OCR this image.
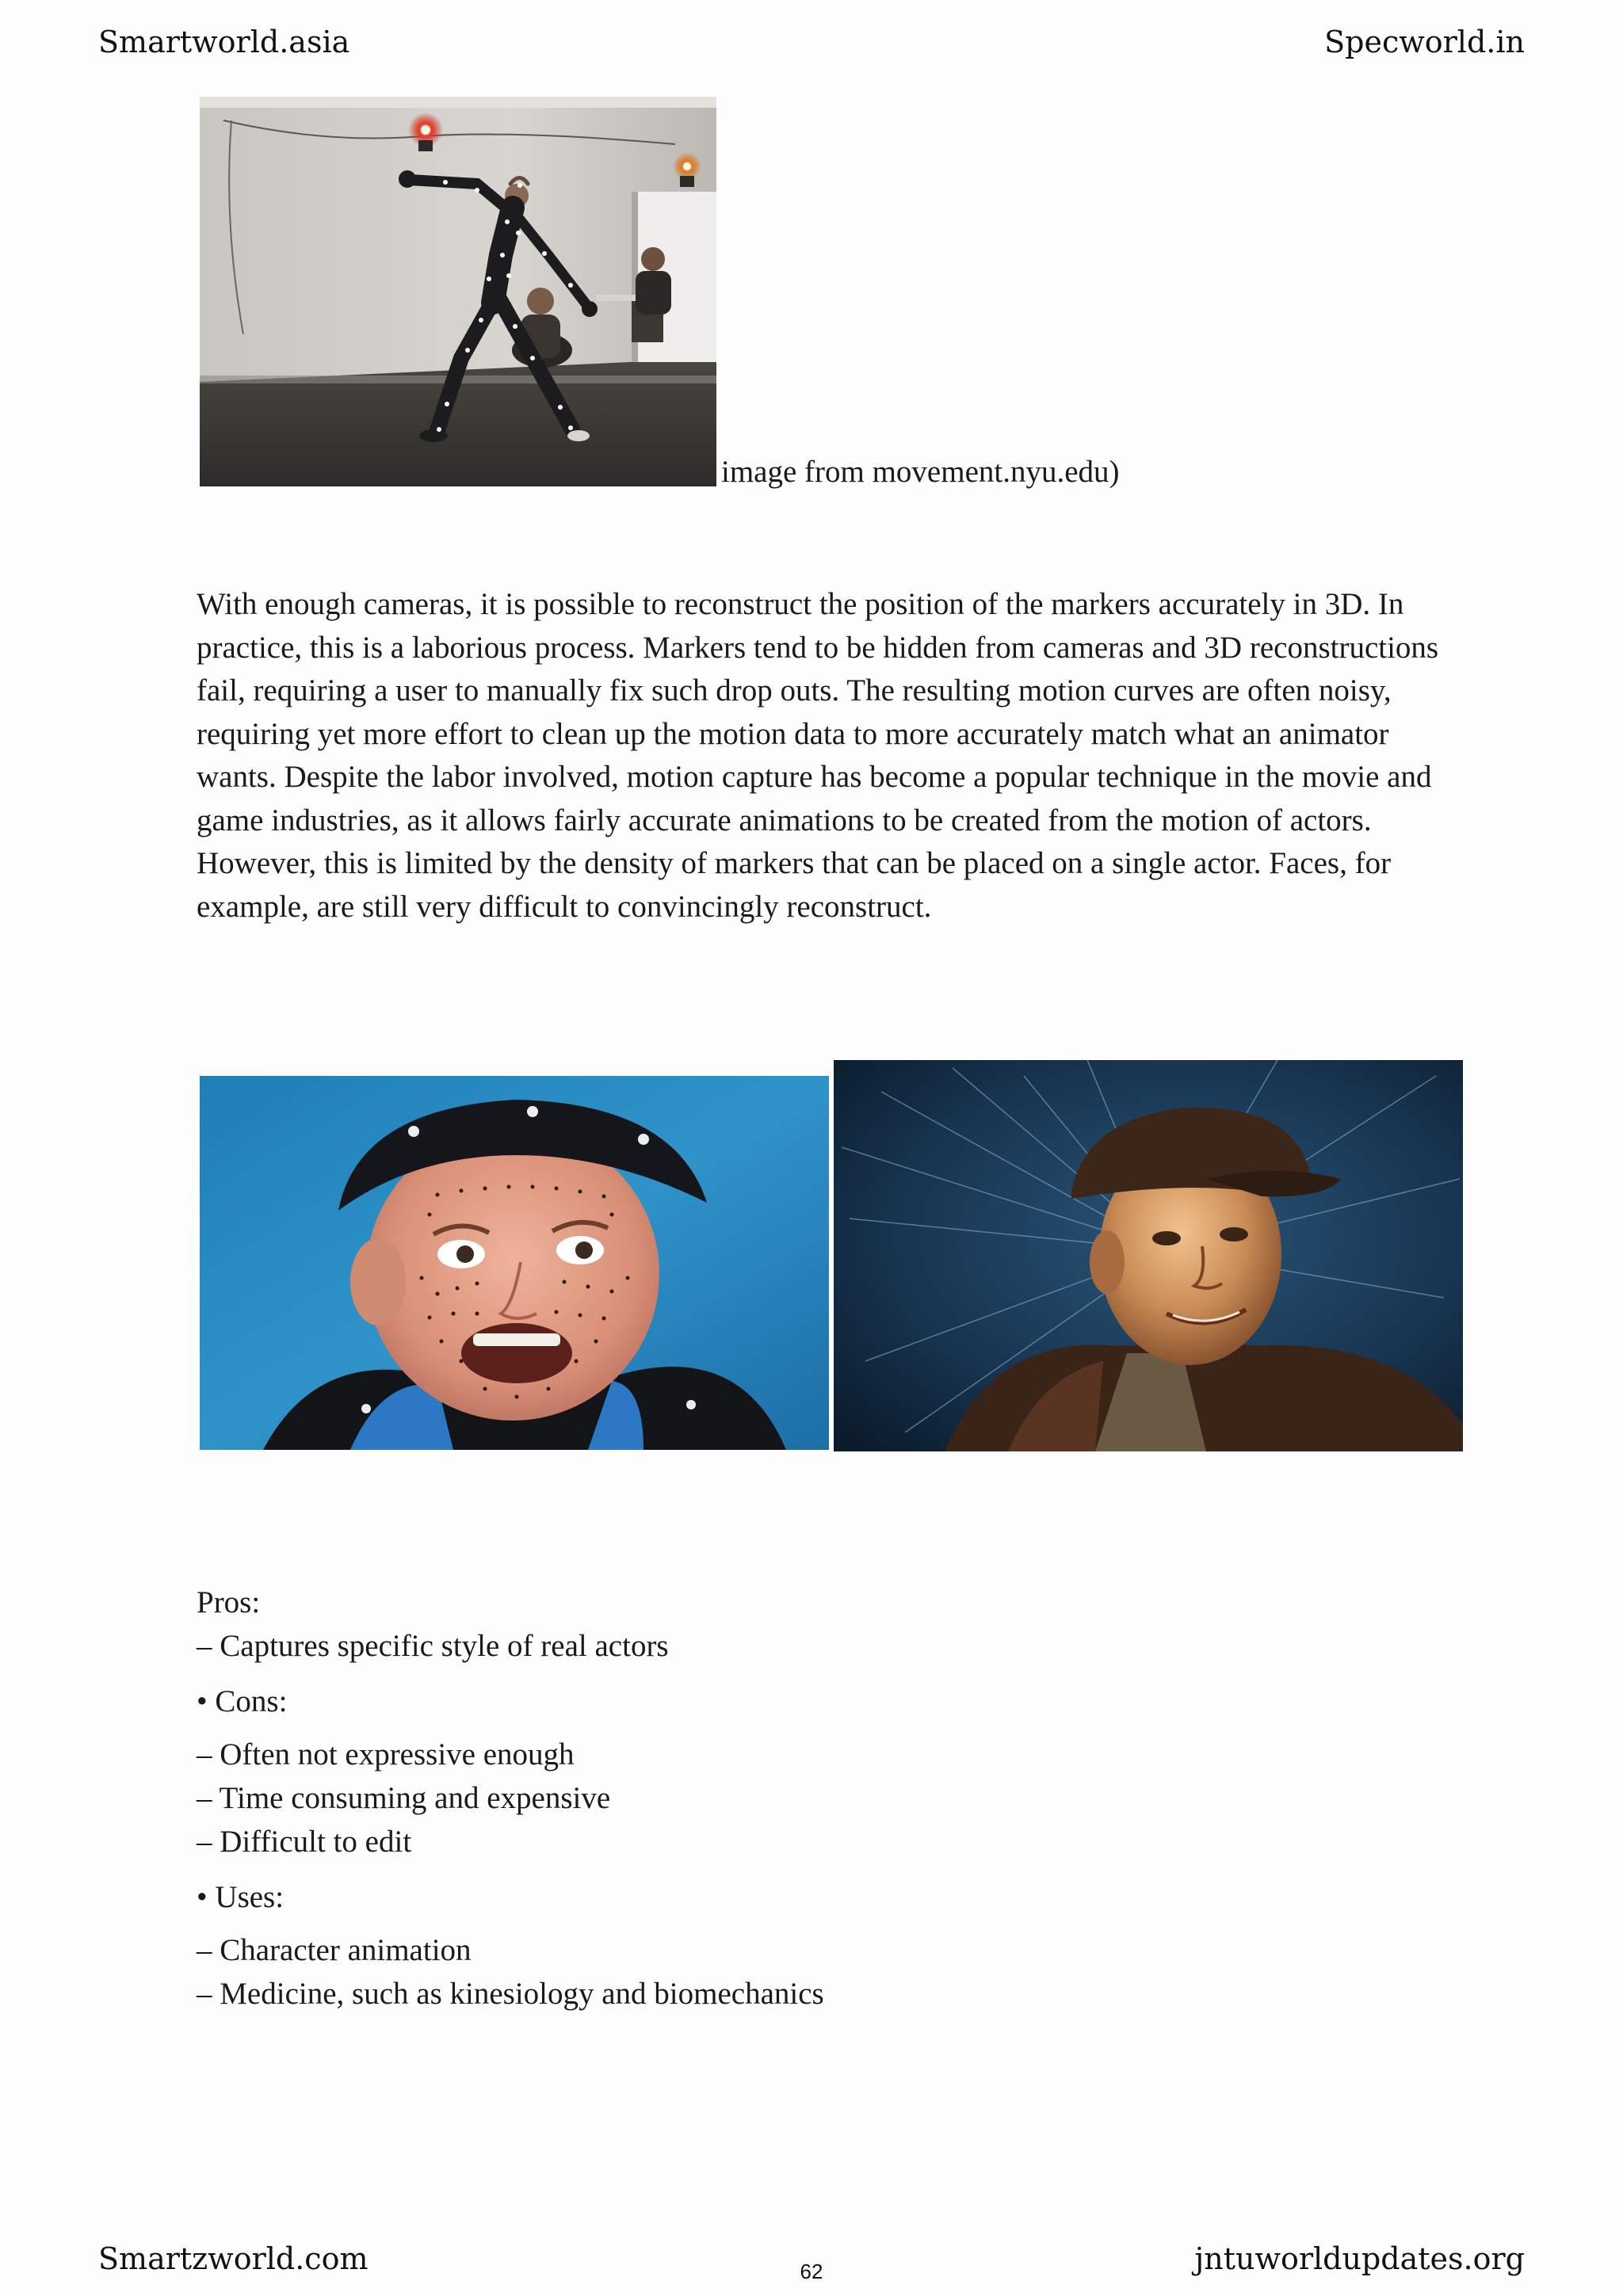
Smartworld.asia	Specworld.in
image from movement.nyu.edu)

With enough cameras, it is possible to reconstruct the position of the markers accurately in 3D. In practice, this is a laborious process. Markers tend to be hidden from cameras and 3D reconstructions fail, requiring a user to manually fix such drop outs. The resulting motion curves are often noisy, requiring yet more effort to clean up the motion data to more accurately match what an animator wants. Despite the labor involved, motion capture has become a popular technique in the movie and game industries, as it allows fairly accurate animations to be created from the motion of actors. However, this is limited by the density of markers that can be placed on a single actor. Faces, for example, are still very difficult to convincingly reconstruct.

Pros:

– Captures specific style of real actors

• Cons:

– Often not expressive enough

– Time consuming and expensive

– Difficult to edit

• Uses:

– Character animation

– Medicine, such as kinesiology and biomechanics

Smartzworld.com	62	jntuworldupdates.org
